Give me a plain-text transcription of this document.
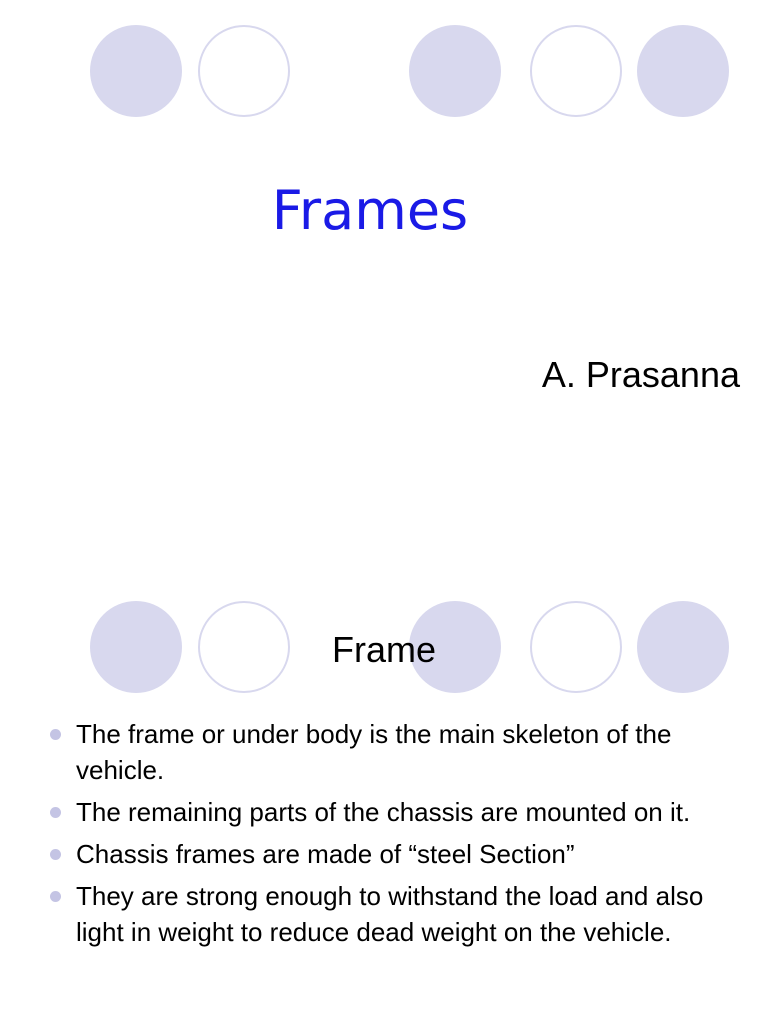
Frames

A. Prasanna

Frame
The frame or under body is the main skeleton of the vehicle.
The remaining parts of the chassis are mounted on it.
Chassis frames are made of “steel Section”
They are strong enough to withstand the load and also light in weight to reduce dead weight on the vehicle.
